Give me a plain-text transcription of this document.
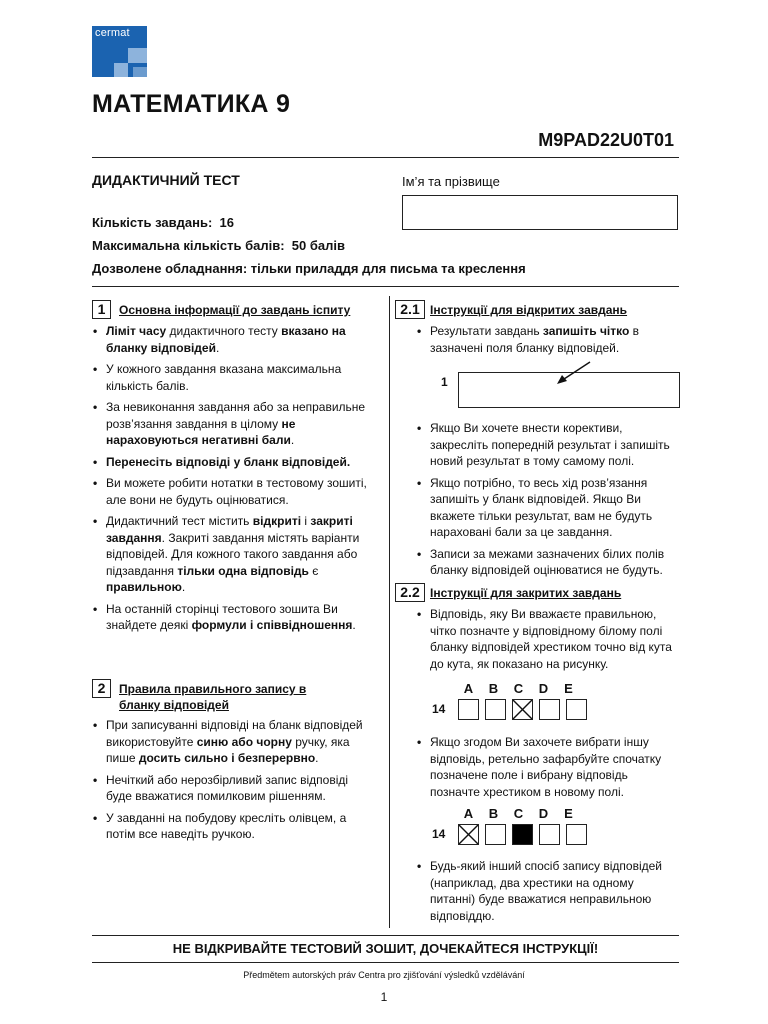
cermat
МАТЕМАТИКА 9
M9PAD22U0T01
ДИДАКТИЧНИЙ ТЕСТ	Ім’я та прізвище
Кількість завдань: 16
Максимальна кількість балів: 50 балів
Дозволене обладнання: тільки приладдя для письма та креслення
1	Основна інформації до завдань іспиту
• Ліміт часу дидактичного тесту вказано на бланку відповідей.
• У кожного завдання вказана максимальна кількість балів.
• За невиконання завдання або за неправильне розв’язання завдання в цілому не нараховуються негативні бали.
• Перенесіть відповіді у бланк відповідей.
• Ви можете робити нотатки в тестовому зошиті, але вони не будуть оцінюватися.
• Дидактичний тест містить відкриті і закриті завдання. Закриті завдання містять варіанти відповідей. Для кожного такого завдання або підзавдання тільки одна відповідь є правильною.
• На останній сторінці тестового зошита Ви знайдете деякі формули і співвідношення.
2	Правила правильного запису в бланку відповідей
• При записуванні відповіді на бланк відповідей використовуйте синю або чорну ручку, яка пише досить сильно і безперервно.
• Нечіткий або нерозбірливий запис відповіді буде вважатися помилковим рішенням.
• У завданні на побудову кресліть олівцем, а потім все наведіть ручкою.
2.1 Інструкції для відкритих завдань
• Результати завдань запишіть чітко в зазначені поля бланку відповідей.
1
• Якщо Ви хочете внести корективи, закресліть попередній результат і запишіть новий результат в тому самому полі.
• Якщо потрібно, то весь хід розв’язання запишіть у бланк відповідей. Якщо Ви вкажете тільки результат, вам не будуть нараховані бали за це завдання.
• Записи за межами зазначених білих полів бланку відповідей оцінюватися не будуть.
2.2 Інструкції для закритих завдань
• Відповідь, яку Ви вважаєте правильною, чітко позначте у відповідному білому полі бланку відповідей хрестиком точно від кута до кута, як показано на рисунку.
A B C D E
14
• Якщо згодом Ви захочете вибрати іншу відповідь, ретельно зафарбуйте спочатку позначене поле і вибрану відповідь позначте хрестиком в новому полі.
A B C D E
14
• Будь-який інший спосіб запису відповідей (наприклад, два хрестики на одному питанні) буде вважатися неправильною відповіддю.
НЕ ВІДКРИВАЙТЕ ТЕСТОВИЙ ЗОШИТ, ДОЧЕКАЙТЕСЯ ІНСТРУКЦІЇ!
Předmětem autorských práv Centra pro zjišťování výsledků vzdělávání
1
